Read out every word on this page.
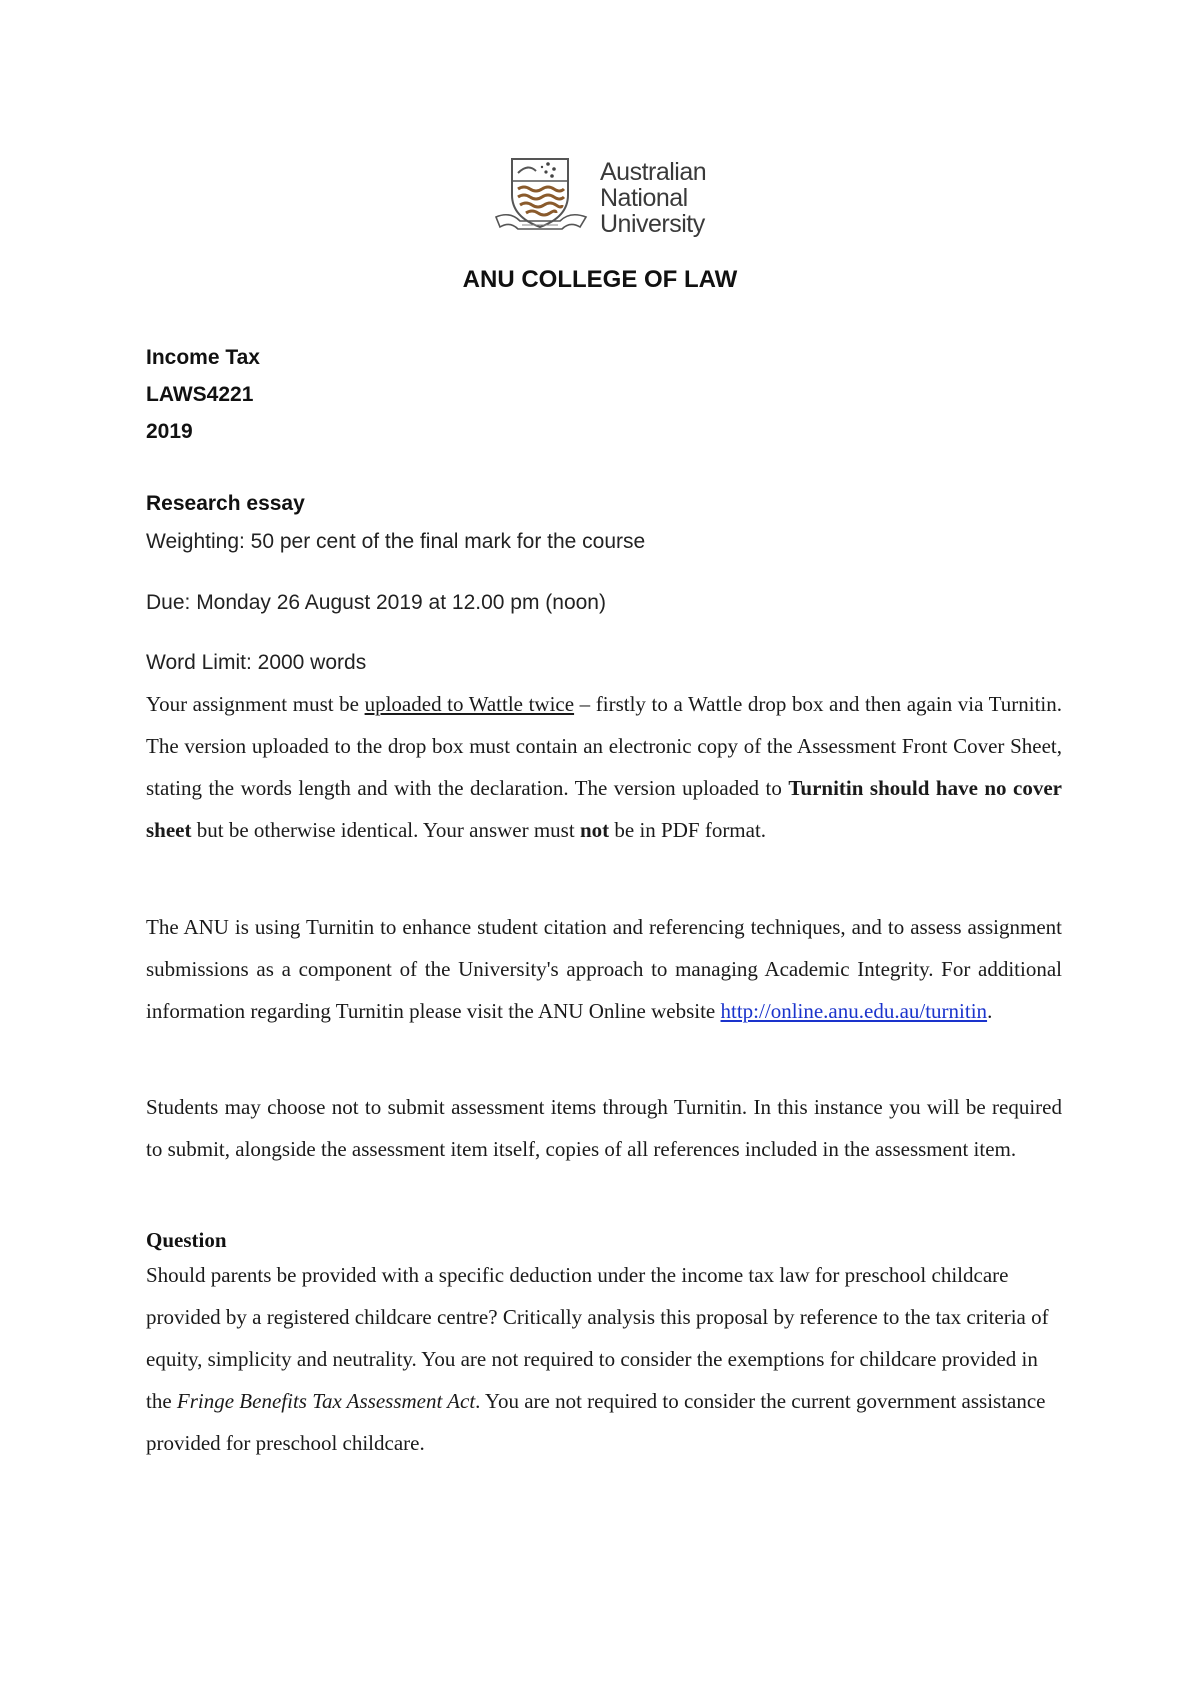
Australian
National
University
ANU COLLEGE OF LAW
Income Tax
LAWS4221
2019
Research essay
Weighting: 50 per cent of the final mark for the course
Due: Monday 26 August 2019 at 12.00 pm (noon)
Word Limit: 2000 words

Your assignment must be uploaded to Wattle twice – firstly to a Wattle drop box and then again via Turnitin. The version uploaded to the drop box must contain an electronic copy of the Assessment Front Cover Sheet, stating the words length and with the declaration. The version uploaded to Turnitin should have no cover sheet but be otherwise identical. Your answer must not be in PDF format.

The ANU is using Turnitin to enhance student citation and referencing techniques, and to assess assignment submissions as a component of the University's approach to managing Academic Integrity. For additional information regarding Turnitin please visit the ANU Online website http://online.anu.edu.au/turnitin.

Students may choose not to submit assessment items through Turnitin. In this instance you will be required to submit, alongside the assessment item itself, copies of all references included in the assessment item.

Question

Should parents be provided with a specific deduction under the income tax law for preschool childcare provided by a registered childcare centre? Critically analysis this proposal by reference to the tax criteria of equity, simplicity and neutrality. You are not required to consider the exemptions for childcare provided in the Fringe Benefits Tax Assessment Act. You are not required to consider the current government assistance provided for preschool childcare.
